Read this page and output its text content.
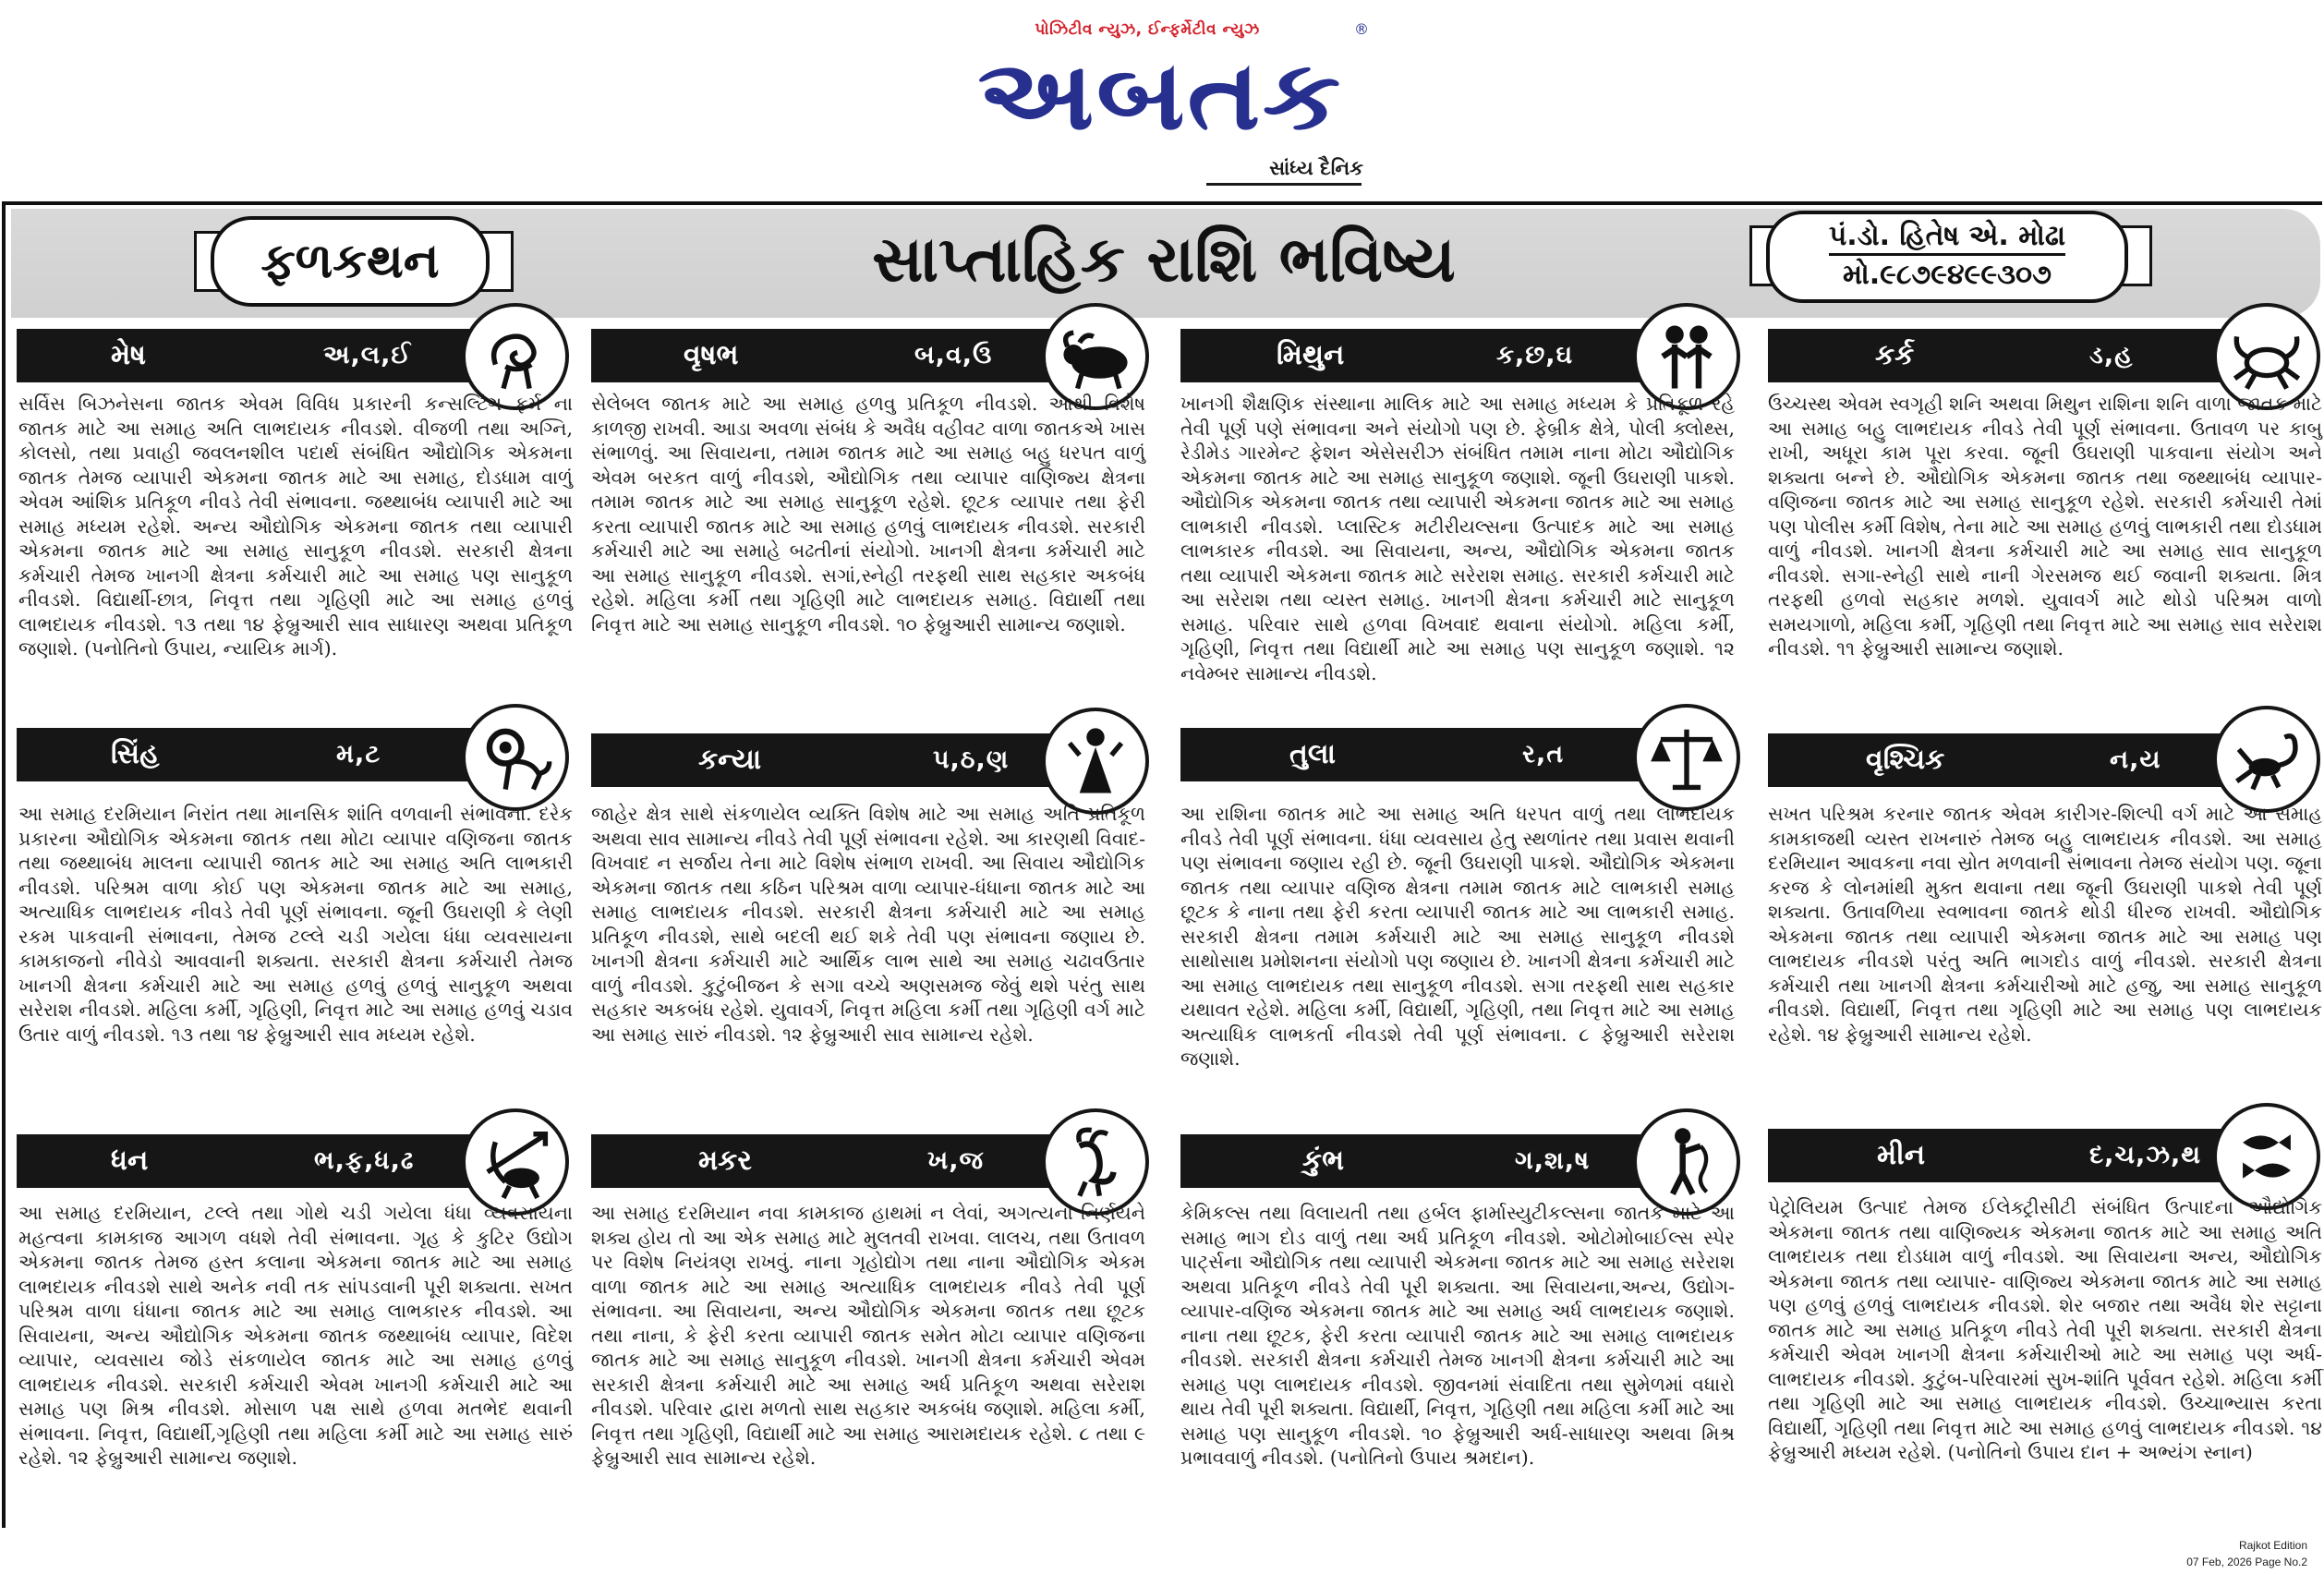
પોઝિટીવ ન્યુઝ, ઈન્ફર્મેટીવ ન્યુઝ
અબતક
®
સાંધ્ય દૈનિક
ફળકથન	સાપ્તાહિક રાશિ ભવિષ્ય	પં.ડો. હિતેષ એ. મોઢા
મો.૯૮૭૯૪૯૯૩૦૭
મેષ	અ,લ,ઈ
સર્વિસ બિઝનેસના જાતક એવમ વિવિધ પ્રકારની કન્સલ્ટિંગ ફર્મ ના જાતક માટે આ સમાહ અતિ લાભદાયક નીવડશે. વીજળી તથા અગ્નિ, કોલસો, તથા પ્રવાહી જવલનશીલ પદાર્થ સંબંધિત ઔદ્યોગિક એકમના જાતક તેમજ વ્યાપારી એકમના જાતક માટે આ સમાહ, દોડધામ વાળું એવમ આંશિક પ્રતિકૂળ નીવડે તેવી સંભાવના. જથ્થાબંધ વ્યાપારી માટે આ સમાહ મધ્યમ રહેશે. અન્ય ઔદ્યોગિક એકમના જાતક તથા વ્યાપારી એકમના જાતક માટે આ સમાહ સાનુકૂળ નીવડશે. સરકારી ક્ષેત્રના કર્મચારી તેમજ ખાનગી ક્ષેત્રના કર્મચારી માટે આ સમાહ પણ સાનુકૂળ નીવડશે. વિદ્યાર્થી-છાત્ર, નિવૃત્ત તથા ગૃહિણી માટે આ સમાહ હળવું લાભદાયક નીવડશે. ૧૩ તથા ૧૪ ફેબ્રુઆરી સાવ સાધારણ અથવા પ્રતિકૂળ જણાશે. (પનોતિનો ઉપાય, ન્યાયિક માર્ગ).
વૃષભ	બ,વ,ઉ
સેલેબલ જાતક માટે આ સમાહ હળવુ પ્રતિકૂળ નીવડશે. આથી વિશેષ કાળજી રાખવી. આડા અવળા સંબંધ કે અવૈધ વહીવટ વાળા જાતકએ ખાસ સંભાળવું. આ સિવાયના, તમામ જાતક માટે આ સમાહ બહુ ધરપત વાળું એવમ બરકત વાળું નીવડશે, ઔદ્યોગિક તથા વ્યાપાર વાણિજ્ય ક્ષેત્રના તમામ જાતક માટે આ સમાહ સાનુકૂળ રહેશે. છૂટક વ્યાપાર તથા ફેરી કરતા વ્યાપારી જાતક માટે આ સમાહ હળવું લાભદાયક નીવડશે. સરકારી કર્મચારી માટે આ સમાહે બઢતીનાં સંયોગો. ખાનગી ક્ષેત્રના કર્મચારી માટે આ સમાહ સાનુકૂળ નીવડશે. સગાં,સ્નેહી તરફથી સાથ સહકાર અકબંધ રહેશે. મહિલા કર્મી તથા ગૃહિણી માટે લાભદાયક સમાહ. વિદ્યાર્થી તથા નિવૃત્ત માટે આ સમાહ સાનુકૂળ નીવડશે. ૧૦ ફેબ્રુઆરી સામાન્ય જણાશે.
મિથુન	ક,છ,ઘ
ખાનગી શૈક્ષણિક સંસ્થાના માલિક માટે આ સમાહ મધ્યમ કે પ્રતિકૂળ રહે તેવી પૂર્ણ પણે સંભાવના અને સંયોગો પણ છે. ફેબ્રીક ક્ષેત્રે, પોલી ક્લોથ્સ, રેડીમેડ ગારમેન્ટ ફેશન એસેસરીઝ સંબંધિત તમામ નાના મોટા ઔદ્યોગિક એકમના જાતક માટે આ સમાહ સાનુકૂળ જણાશે. જૂની ઉઘરાણી પાકશે. ઔદ્યોગિક એકમના જાતક તથા વ્યાપારી એકમના જાતક માટે આ સમાહ લાભકારી નીવડશે. પ્લાસ્ટિક મટીરીયલ્સના ઉત્પાદક માટે આ સમાહ લાભકારક નીવડશે. આ સિવાયના, અન્ય, ઔદ્યોગિક એકમના જાતક તથા વ્યાપારી એકમના જાતક માટે સરેરાશ સમાહ. સરકારી કર્મચારી માટે આ સરેરાશ તથા વ્યસ્ત સમાહ. ખાનગી ક્ષેત્રના કર્મચારી માટે સાનુકૂળ સમાહ. પરિવાર સાથે હળવા વિખવાદ થવાના સંયોગો. મહિલા કર્મી, ગૃહિણી, નિવૃત્ત તથા વિદ્યાર્થી માટે આ સમાહ પણ સાનુકૂળ જણાશે. ૧૨ નવેમ્બર સામાન્ય નીવડશે.
કર્ક	ડ,હ
ઉચ્ચસ્થ એવમ સ્વગૃહી શનિ અથવા મિથુન રાશિના શનિ વાળા જાતક માટે આ સમાહ બહુ લાભદાયક નીવડે તેવી પૂર્ણ સંભાવના. ઉતાવળ પર કાબુ રાખી, અધૂરા કામ પૂરા કરવા. જૂની ઉઘરાણી પાકવાના સંયોગ અને શક્યતા બન્ને છે. ઔદ્યોગિક એકમના જાતક તથા જથ્થાબંધ વ્યાપાર-વણિજના જાતક માટે આ સમાહ સાનુકૂળ રહેશે. સરકારી કર્મચારી તેમાં પણ પોલીસ કર્મી વિશેષ, તેના માટે આ સમાહ હળવું લાભકારી તથા દોડધામ વાળું નીવડશે. ખાનગી ક્ષેત્રના કર્મચારી માટે આ સમાહ સાવ સાનુકૂળ નીવડશે. સગા-સ્નેહી સાથે નાની ગેરસમજ થઈ જવાની શક્યતા. મિત્ર તરફથી હળવો સહકાર મળશે. યુવાવર્ગ માટે થોડો પરિશ્રમ વાળો સમયગાળો, મહિલા કર્મી, ગૃહિણી તથા નિવૃત્ત માટે આ સમાહ સાવ સરેરાશ નીવડશે. ૧૧ ફેબ્રુઆરી સામાન્ય જણાશે.
સિંહ	મ,ટ
આ સમાહ દરમિયાન નિરાંત તથા માનસિક શાંતિ વળવાની સંભાવના. દરેક પ્રકારના ઔદ્યોગિક એકમના જાતક તથા મોટા વ્યાપાર વણિજના જાતક તથા જથ્થાબંધ માલના વ્યાપારી જાતક માટે આ સમાહ અતિ લાભકારી નીવડશે. પરિશ્રમ વાળા કોઈ પણ એકમના જાતક માટે આ સમાહ, અત્યાધિક લાભદાયક નીવડે તેવી પૂર્ણ સંભાવના. જૂની ઉઘરાણી કે લેણી રકમ પાકવાની સંભાવના, તેમજ ટલ્લે ચડી ગયેલા ધંધા વ્યવસાયના કામકાજનો નીવેડો આવવાની શક્યતા. સરકારી ક્ષેત્રના કર્મચારી તેમજ ખાનગી ક્ષેત્રના કર્મચારી માટે આ સમાહ હળવું હળવું સાનુકૂળ અથવા સરેરાશ નીવડશે. મહિલા કર્મી, ગૃહિણી, નિવૃત્ત માટે આ સમાહ હળવું ચડાવ ઉતાર વાળું નીવડશે. ૧૩ તથા ૧૪ ફેબ્રુઆરી સાવ મધ્યમ રહેશે.
કન્યા	પ,ઠ,ણ
જાહેર ક્ષેત્ર સાથે સંકળાયેલ વ્યક્તિ વિશેષ માટે આ સમાહ અતિ પ્રતિકૂળ અથવા સાવ સામાન્ય નીવડે તેવી પૂર્ણ સંભાવના રહેશે. આ કારણથી વિવાદ-વિખવાદ ન સર્જાય તેના માટે વિશેષ સંભાળ રાખવી. આ સિવાય ઔદ્યોગિક એકમના જાતક તથા કઠિન પરિશ્રમ વાળા વ્યાપાર-ધંધાના જાતક માટે આ સમાહ લાભદાયક નીવડશે. સરકારી ક્ષેત્રના કર્મચારી માટે આ સમાહ પ્રતિકૂળ નીવડશે, સાથે બદલી થઈ શકે તેવી પણ સંભાવના જણાય છે. ખાનગી ક્ષેત્રના કર્મચારી માટે આર્થિક લાભ સાથે આ સમાહ ચઢાવઉતાર વાળું નીવડશે. કુટુંબીજન કે સગા વચ્ચે અણસમજ જેવું થશે પરંતુ સાથ સહકાર અકબંધ રહેશે. યુવાવર્ગ, નિવૃત્ત મહિલા કર્મી તથા ગૃહિણી વર્ગ માટે આ સમાહ સારું નીવડશે. ૧૨ ફેબ્રુઆરી સાવ સામાન્ય રહેશે.
તુલા	ર,ત
આ રાશિના જાતક માટે આ સમાહ અતિ ધરપત વાળું તથા લાભદાયક નીવડે તેવી પૂર્ણ સંભાવના. ધંધા વ્યવસાય હેતુ સ્થળાંતર તથા પ્રવાસ થવાની પણ સંભાવના જણાય રહી છે. જૂની ઉઘરાણી પાકશે. ઔદ્યોગિક એકમના જાતક તથા વ્યાપાર વણિજ ક્ષેત્રના તમામ જાતક માટે લાભકારી સમાહ છૂટક કે નાના તથા ફેરી કરતા વ્યાપારી જાતક માટે આ લાભકારી સમાહ. સરકારી ક્ષેત્રના તમામ કર્મચારી માટે આ સમાહ સાનુકૂળ નીવડશે સાથોસાથ પ્રમોશનના સંયોગો પણ જણાય છે. ખાનગી ક્ષેત્રના કર્મચારી માટે આ સમાહ લાભદાયક તથા સાનુકૂળ નીવડશે. સગા તરફથી સાથ સહકાર યથાવત રહેશે. મહિલા કર્મી, વિદ્યાર્થી, ગૃહિણી, તથા નિવૃત્ત માટે આ સમાહ અત્યાધિક લાભકર્તા નીવડશે તેવી પૂર્ણ સંભાવના. ૮ ફેબ્રુઆરી સરેરાશ જણાશે.
વૃશ્ચિક	ન,ય
સખત પરિશ્રમ કરનાર જાતક એવમ કારીગર-શિલ્પી વર્ગ માટે આ સમાહ કામકાજથી વ્યસ્ત રાખનારું તેમજ બહુ લાભદાયક નીવડશે. આ સમાહ દરમિયાન આવકના નવા સ્રોત મળવાની સંભાવના તેમજ સંયોગ પણ. જૂના કરજ કે લોનમાંથી મુક્ત થવાના તથા જૂની ઉઘરાણી પાકશે તેવી પૂર્ણ શક્યતા. ઉતાવળિયા સ્વભાવના જાતકે થોડી ધીરજ રાખવી. ઔદ્યોગિક એકમના જાતક તથા વ્યાપારી એકમના જાતક માટે આ સમાહ પણ લાભદાયક નીવડશે પરંતુ અતિ ભાગદોડ વાળું નીવડશે. સરકારી ક્ષેત્રના કર્મચારી તથા ખાનગી ક્ષેત્રના કર્મચારીઓ માટે હજુ, આ સમાહ સાનુકૂળ નીવડશે. વિદ્યાર્થી, નિવૃત્ત તથા ગૃહિણી માટે આ સમાહ પણ લાભદાયક રહેશે. ૧૪ ફેબ્રુઆરી સામાન્ય રહેશે.
ધન	ભ,ફ,ધ,ઢ
આ સમાહ દરમિયાન, ટલ્લે તથા ગોથે ચડી ગયેલા ધંધા વ્યવસાયના મહત્વના કામકાજ આગળ વધશે તેવી સંભાવના. ગૃહ કે કુટિર ઉદ્યોગ એકમના જાતક તેમજ હસ્ત કલાના એકમના જાતક માટે આ સમાહ લાભદાયક નીવડશે સાથે અનેક નવી તક સાંપડવાની પૂરી શક્યતા. સખત પરિશ્રમ વાળા ઘંધાના જાતક માટે આ સમાહ લાભકારક નીવડશે. આ સિવાયના, અન્ય ઔદ્યોગિક એકમના જાતક જથ્થાબંધ વ્યાપાર, વિદેશ વ્યાપાર, વ્યવસાય જોડે સંકળાયેલ જાતક માટે આ સમાહ હળવું લાભદાયક નીવડશે. સરકારી કર્મચારી એવમ ખાનગી કર્મચારી માટે આ સમાહ પણ મિશ્ર નીવડશે. મોસાળ પક્ષ સાથે હળવા મતભેદ થવાની સંભાવના. નિવૃત્ત, વિદ્યાર્થી,ગૃહિણી તથા મહિલા કર્મી માટે આ સમાહ સારું રહેશે. ૧૨ ફેબ્રુઆરી સામાન્ય જણાશે.
મકર	ખ,જ
આ સમાહ દરમિયાન નવા કામકાજ હાથમાં ન લેવાં, અગત્યના નિર્ણયને શક્ય હોય તો આ એક સમાહ માટે મુલતવી રાખવા. લાલચ, તથા ઉતાવળ પર વિશેષ નિયંત્રણ રાખવું. નાના ગૃહોદ્યોગ તથા નાના ઔદ્યોગિક એકમ વાળા જાતક માટે આ સમાહ અત્યાધિક લાભદાયક નીવડે તેવી પૂર્ણ સંભાવના. આ સિવાયના, અન્ય ઔદ્યોગિક એકમના જાતક તથા છૂટક તથા નાના, કે ફેરી કરતા વ્યાપારી જાતક સમેત મોટા વ્યાપાર વણિજના જાતક માટે આ સમાહ સાનુકૂળ નીવડશે. ખાનગી ક્ષેત્રના કર્મચારી એવમ સરકારી ક્ષેત્રના કર્મચારી માટે આ સમાહ અર્ધ પ્રતિકૂળ અથવા સરેરાશ નીવડશે. પરિવાર દ્વારા મળતો સાથ સહકાર અકબંધ જણાશે. મહિલા કર્મી, નિવૃત્ત તથા ગૃહિણી, વિદ્યાર્થી માટે આ સમાહ આરામદાયક રહેશે. ૮ તથા ૯ ફેબ્રુઆરી સાવ સામાન્ય રહેશે.
કુંભ	ગ,શ,ષ
કેમિકલ્સ તથા વિલાયતી તથા હર્બલ ફાર્માસ્યુટીકલ્સના જાતક માટે આ સમાહ ભાગ દોડ વાળું તથા અર્ધ પ્રતિકૂળ નીવડશે. ઓટોમોબાઈલ્સ સ્પેર પાર્ટ્સના ઔદ્યોગિક તથા વ્યાપારી એકમના જાતક માટે આ સમાહ સરેરાશ અથવા પ્રતિકૂળ નીવડે તેવી પૂરી શક્યતા. આ સિવાયના,અન્ય, ઉદ્યોગ-વ્યાપાર-વણિજ એકમના જાતક માટે આ સમાહ અર્ધ લાભદાયક જણાશે. નાના તથા છૂટક, ફેરી કરતા વ્યાપારી જાતક માટે આ સમાહ લાભદાયક નીવડશે. સરકારી ક્ષેત્રના કર્મચારી તેમજ ખાનગી ક્ષેત્રના કર્મચારી માટે આ સમાહ પણ લાભદાયક નીવડશે. જીવનમાં સંવાદિતા તથા સુમેળમાં વધારો થાય તેવી પૂરી શક્યતા. વિદ્યાર્થી, નિવૃત્ત, ગૃહિણી તથા મહિલા કર્મી માટે આ સમાહ પણ સાનુકૂળ નીવડશે. ૧૦ ફેબ્રુઆરી અર્ધ-સાધારણ અથવા મિશ્ર પ્રભાવવાળું નીવડશે. (પનોતિનો ઉપાય શ્રમદાન).
મીન	દ,ચ,ઝ,થ
પેટ્રોલિયમ ઉત્પાદ તેમજ ઈલેક્ટ્રીસીટી સંબંધિત ઉત્પાદના ઔદ્યોગિક એકમના જાતક તથા વાણિજ્યક એકમના જાતક માટે આ સમાહ અતિ લાભદાયક તથા દોડધામ વાળું નીવડશે. આ સિવાયના અન્ય, ઔદ્યોગિક એકમના જાતક તથા વ્યાપાર- વાણિજ્ય એકમના જાતક માટે આ સમાહ પણ હળવું હળવું લાભદાયક નીવડશે. શેર બજાર તથા અવૈધ શેર સટ્ટાના જાતક માટે આ સમાહ પ્રતિકૂળ નીવડે તેવી પૂરી શક્યતા. સરકારી ક્ષેત્રના કર્મચારી એવમ ખાનગી ક્ષેત્રના કર્મચારીઓ માટે આ સમાહ પણ અર્ધ-લાભદાયક નીવડશે. કુટુંબ-પરિવારમાં સુખ-શાંતિ પૂર્વવત રહેશે. મહિલા કર્મી તથા ગૃહિણી માટે આ સમાહ લાભદાયક નીવડશે. ઉચ્ચાભ્યાસ કરતા વિદ્યાર્થી, ગૃહિણી તથા નિવૃત્ત માટે આ સમાહ હળવું લાભદાયક નીવડશે. ૧૪ ફેબ્રુઆરી મધ્યમ રહેશે. (પનોતિનો ઉપાય દાન + અભ્યંગ સ્નાન)
Rajkot Edition
07 Feb, 2026 Page No.2
